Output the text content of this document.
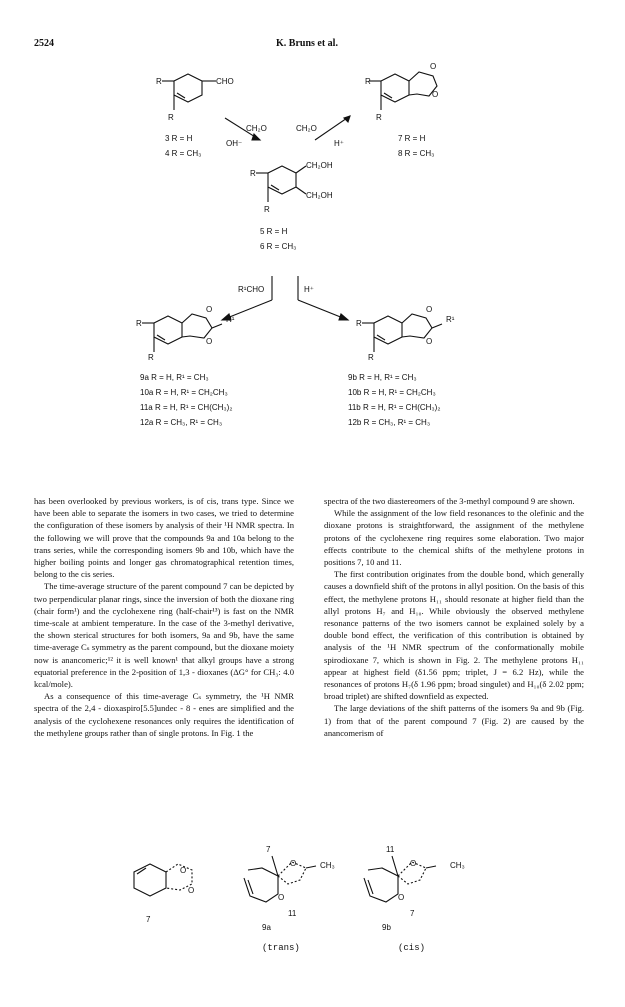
2524	K. Bruns et al.
R	CHO
R
R
O
O
R
3 R = H
4 R = CH₃
7 R = H
8 R = CH₃
CH₂O
OH⁻
CH₂O
H⁺
R
CH₂OH
CH₂OH
R
5 R = H
6 R = CH₃
R¹CHO	H⁺
R
O
O
R¹
R
R
O
O
R¹
R
9a R = H, R¹ = CH₃
10a R = H, R¹ = CH₂CH₃
11a R = H, R¹ = CH(CH₃)₂
12a R = CH₃, R¹ = CH₃
9b R = H, R¹ = CH₃
10b R = H, R¹ = CH₂CH₃
11b R = H, R¹ = CH(CH₃)₂
12b R = CH₃, R¹ = CH₃
O
O
7
7
O	CH₃
O
11
9a
11
O	CH₃
O
7
9b

has been overlooked by previous workers, is of cis, trans type. Since we have been able to separate the isomers in two cases, we tried to determine the configuration of these isomers by analysis of their ¹H NMR spectra. In the following we will prove that the compounds 9a and 10a belong to the trans series, while the corresponding isomers 9b and 10b, which have the higher boiling points and longer gas chromatographical retention times, belong to the cis series.

The time-average structure of the parent compound 7 can be depicted by two perpendicular planar rings, since the inversion of both the dioxane ring (chair form¹) and the cyclohexene ring (half-chair¹³) is fast on the NMR time-scale at ambient temperature. In the case of the 3-methyl derivative, the shown sterical structures for both isomers, 9a and 9b, have the same time-average Cₛ symmetry as the parent compound, but the dioxane moiety now is anancomeric;¹² it is well known¹ that alkyl groups have a strong equatorial preference in the 2-position of 1,3 - dioxanes (ΔG° for CH₃: 4.0 kcal/mole).

As a consequence of this time-average Cₛ symmetry, the ¹H NMR spectra of the 2,4 - dioxaspiro[5.5]undec - 8 - enes are simplified and the analysis of the cyclohexene resonances only requires the identification of the methylene groups rather than of single protons. In Fig. 1 the

spectra of the two diastereomers of the 3-methyl compound 9 are shown.

While the assignment of the low field resonances to the olefinic and the dioxane protons is straightforward, the assignment of the methylene protons of the cyclohexene ring requires some elaboration. Two major effects contribute to the chemical shifts of the methylene protons in positions 7, 10 and 11.

The first contribution originates from the double bond, which generally causes a downfield shift of the protons in allyl position. On the basis of this effect, the methylene protons H₁₁ should resonate at higher field than the allyl protons H₇ and H₁₀. While obviously the observed methylene resonance patterns of the two isomers cannot be explained solely by a double bond effect, the verification of this contribution is obtained by analysis of the ¹H NMR spectrum of the conformationally mobile spirodioxane 7, which is shown in Fig. 2. The methylene protons H₁₁ appear at highest field (δ1.56 ppm; triplet, J = 6.2 Hz), while the resonances of protons H₇(δ 1.96 ppm; broad singulet) and H₁₀(δ 2.02 ppm; broad triplet) are shifted downfield as expected.

The large deviations of the shift patterns of the isomers 9a and 9b (Fig. 1) from that of the parent compound 7 (Fig. 2) are caused by the anancomerism of

(trans)	(cis)
